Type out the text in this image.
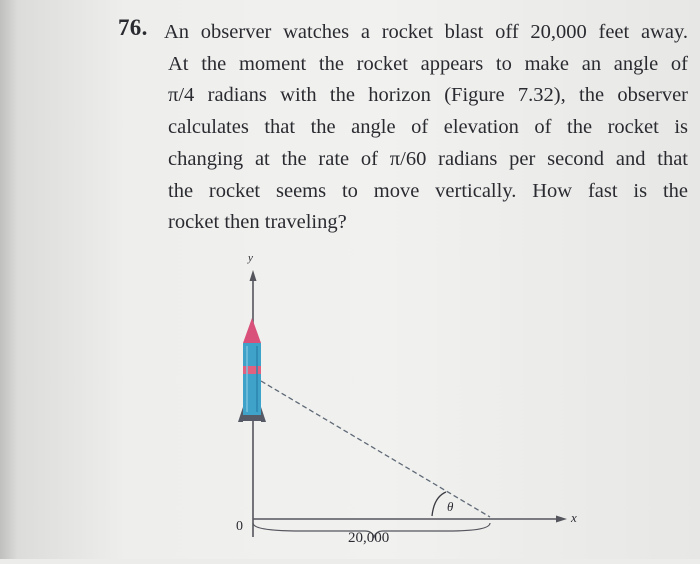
76. An observer watches a rocket blast off 20,000 feet away.
At the moment the rocket appears to make an angle of
π/4 radians with the horizon (Figure 7.32), the observer
calculates that the angle of elevation of the rocket is
changing at the rate of π/60 radians per second and that
the rocket seems to move vertically. How fast is the
rocket then traveling?
y
x
0
20,000
θ
